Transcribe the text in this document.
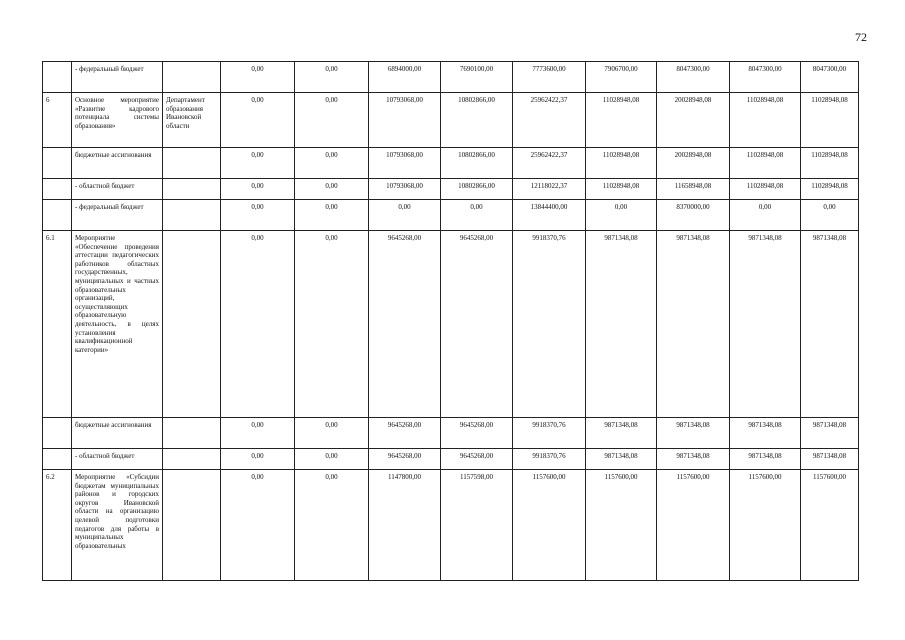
72
	- федеральный бюджет		0,00	0,00	6894000,00	7690100,00	7773600,00	7906700,00	8047300,00	8047300,00	8047300,00
6	Основное мероприятие «Развитие кадрового потенциала системы образования»	Департамент образования Ивановской области	0,00	0,00	10793068,00	10802866,00	25962422,37	11028948,08	20028948,08	11028948,08	11028948,08
	бюджетные ассигнования		0,00	0,00	10793068,00	10802866,00	25962422,37	11028948,08	20028948,08	11028948,08	11028948,08
	- областной бюджет		0,00	0,00	10793068,00	10802866,00	12118022,37	11028948,08	11658948,08	11028948,08	11028948,08
	- федеральный бюджет		0,00	0,00	0,00	0,00	13844400,00	0,00	8370000,00	0,00	0,00
6.1	Мероприятие «Обеспечение проведения аттестации педагогических работников областных государственных, муниципальных и частных образовательных организаций, осуществляющих образовательную деятельность, в целях установления квалификационной категории»		0,00	0,00	9645268,00	9645268,00	9918370,76	9871348,08	9871348,08	9871348,08	9871348,08
	бюджетные ассигнования		0,00	0,00	9645268,00	9645268,00	9918370,76	9871348,08	9871348,08	9871348,08	9871348,08
	- областной бюджет		0,00	0,00	9645268,00	9645268,00	9918370,76	9871348,08	9871348,08	9871348,08	9871348,08
6.2	Мероприятие «Субсидии бюджетам муниципальных районов и городских округов Ивановской области на организацию целевой подготовки педагогов для работы в муниципальных образовательных		0,00	0,00	1147800,00	1157598,00	1157600,00	1157600,00	1157600,00	1157600,00	1157600,00
